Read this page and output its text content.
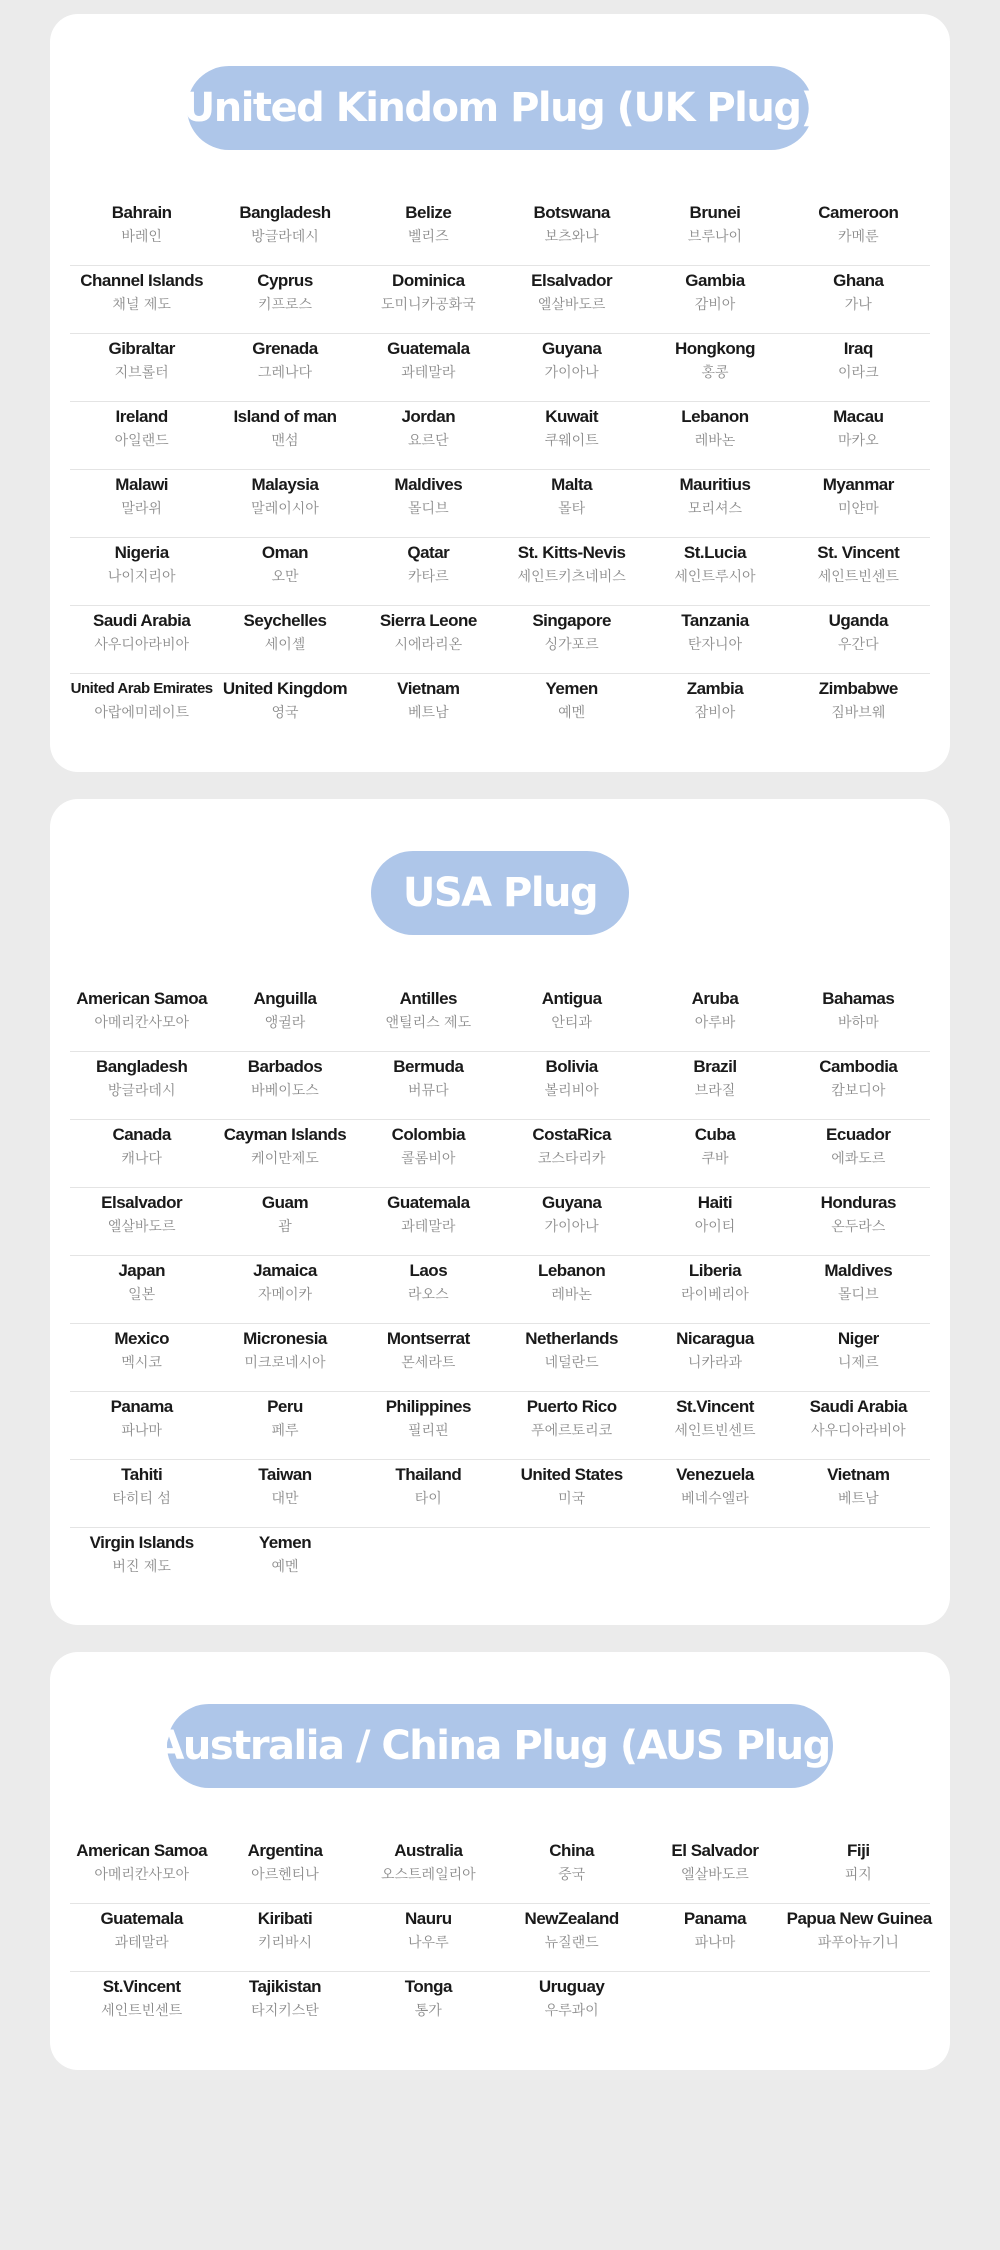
United Kindom Plug (UK Plug)
Bahrain
바레인
Bangladesh
방글라데시
Belize
벨리즈
Botswana
보츠와나
Brunei
브루나이
Cameroon
카메룬
Channel Islands
채널 제도
Cyprus
키프로스
Dominica
도미니카공화국
Elsalvador
엘살바도르
Gambia
감비아
Ghana
가나
Gibraltar
지브롤터
Grenada
그레나다
Guatemala
과테말라
Guyana
가이아나
Hongkong
홍콩
Iraq
이라크
Ireland
아일랜드
Island of man
맨섬
Jordan
요르단
Kuwait
쿠웨이트
Lebanon
레바논
Macau
마카오
Malawi
말라위
Malaysia
말레이시아
Maldives
몰디브
Malta
몰타
Mauritius
모리셔스
Myanmar
미얀마
Nigeria
나이지리아
Oman
오만
Qatar
카타르
St. Kitts-Nevis
세인트키츠네비스
St.Lucia
세인트루시아
St. Vincent
세인트빈센트
Saudi Arabia
사우디아라비아
Seychelles
세이셸
Sierra Leone
시에라리온
Singapore
싱가포르
Tanzania
탄자니아
Uganda
우간다
United Arab Emirates
아랍에미레이트
United Kingdom
영국
Vietnam
베트남
Yemen
예멘
Zambia
잠비아
Zimbabwe
짐바브웨
USA Plug
American Samoa
아메리칸사모아
Anguilla
앵귈라
Antilles
앤틸리스 제도
Antigua
안티과
Aruba
아루바
Bahamas
바하마
Bangladesh
방글라데시
Barbados
바베이도스
Bermuda
버뮤다
Bolivia
볼리비아
Brazil
브라질
Cambodia
캄보디아
Canada
캐나다
Cayman Islands
케이만제도
Colombia
콜롬비아
CostaRica
코스타리카
Cuba
쿠바
Ecuador
에콰도르
Elsalvador
엘살바도르
Guam
괌
Guatemala
과테말라
Guyana
가이아나
Haiti
아이티
Honduras
온두라스
Japan
일본
Jamaica
자메이카
Laos
라오스
Lebanon
레바논
Liberia
라이베리아
Maldives
몰디브
Mexico
멕시코
Micronesia
미크로네시아
Montserrat
몬세라트
Netherlands
네덜란드
Nicaragua
니카라과
Niger
니제르
Panama
파나마
Peru
페루
Philippines
필리핀
Puerto Rico
푸에르토리코
St.Vincent
세인트빈센트
Saudi Arabia
사우디아라비아
Tahiti
타히티 섬
Taiwan
대만
Thailand
타이
United States
미국
Venezuela
베네수엘라
Vietnam
베트남
Virgin Islands
버진 제도
Yemen
예멘
Australia / China Plug (AUS Plug)
American Samoa
아메리칸사모아
Argentina
아르헨티나
Australia
오스트레일리아
China
중국
El Salvador
엘살바도르
Fiji
피지
Guatemala
과테말라
Kiribati
키리바시
Nauru
나우루
NewZealand
뉴질랜드
Panama
파나마
Papua New Guinea
파푸아뉴기니
St.Vincent
세인트빈센트
Tajikistan
타지키스탄
Tonga
통가
Uruguay
우루과이
